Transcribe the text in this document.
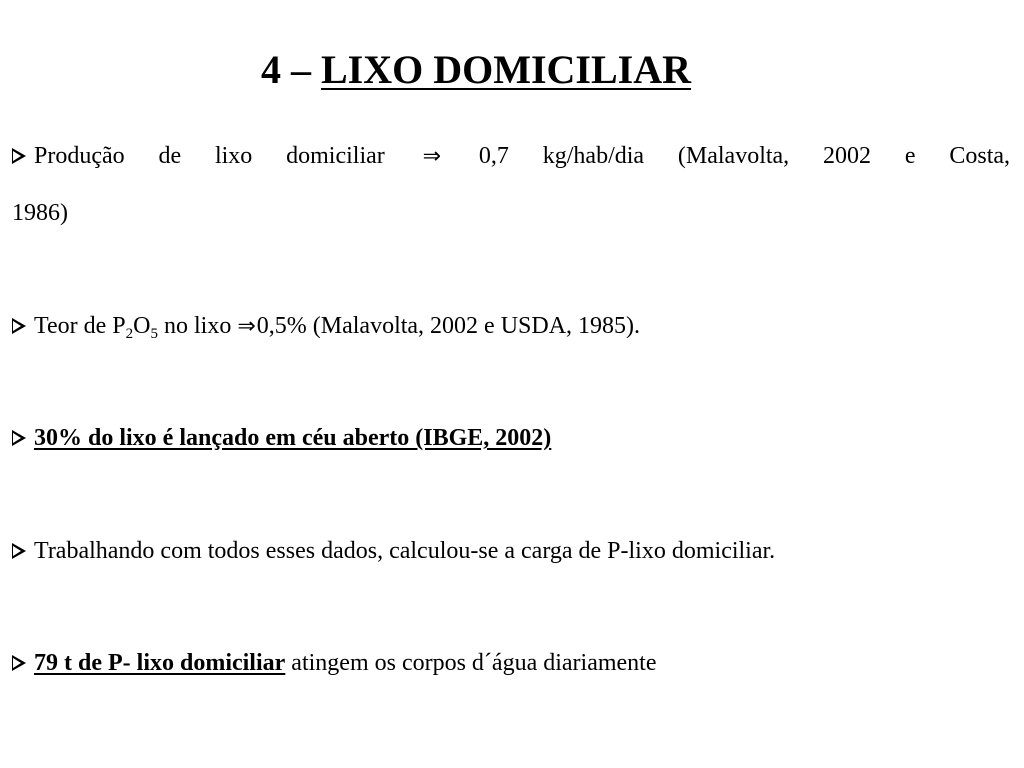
4 – LIXO DOMICILIAR
Produção de lixo domiciliar ⇒ 0,7 kg/hab/dia (Malavolta, 2002 e Costa,
1986)
Teor de $P_2O_5$ no lixo ⇒0,5% (Malavolta, 2002 e USDA, 1985).
30% do lixo é lançado em céu aberto (IBGE, 2002)
Trabalhando com todos esses dados, calculou-se a carga de P-lixo domiciliar.
79 t de P- lixo domiciliar atingem os corpos d´água diariamente
